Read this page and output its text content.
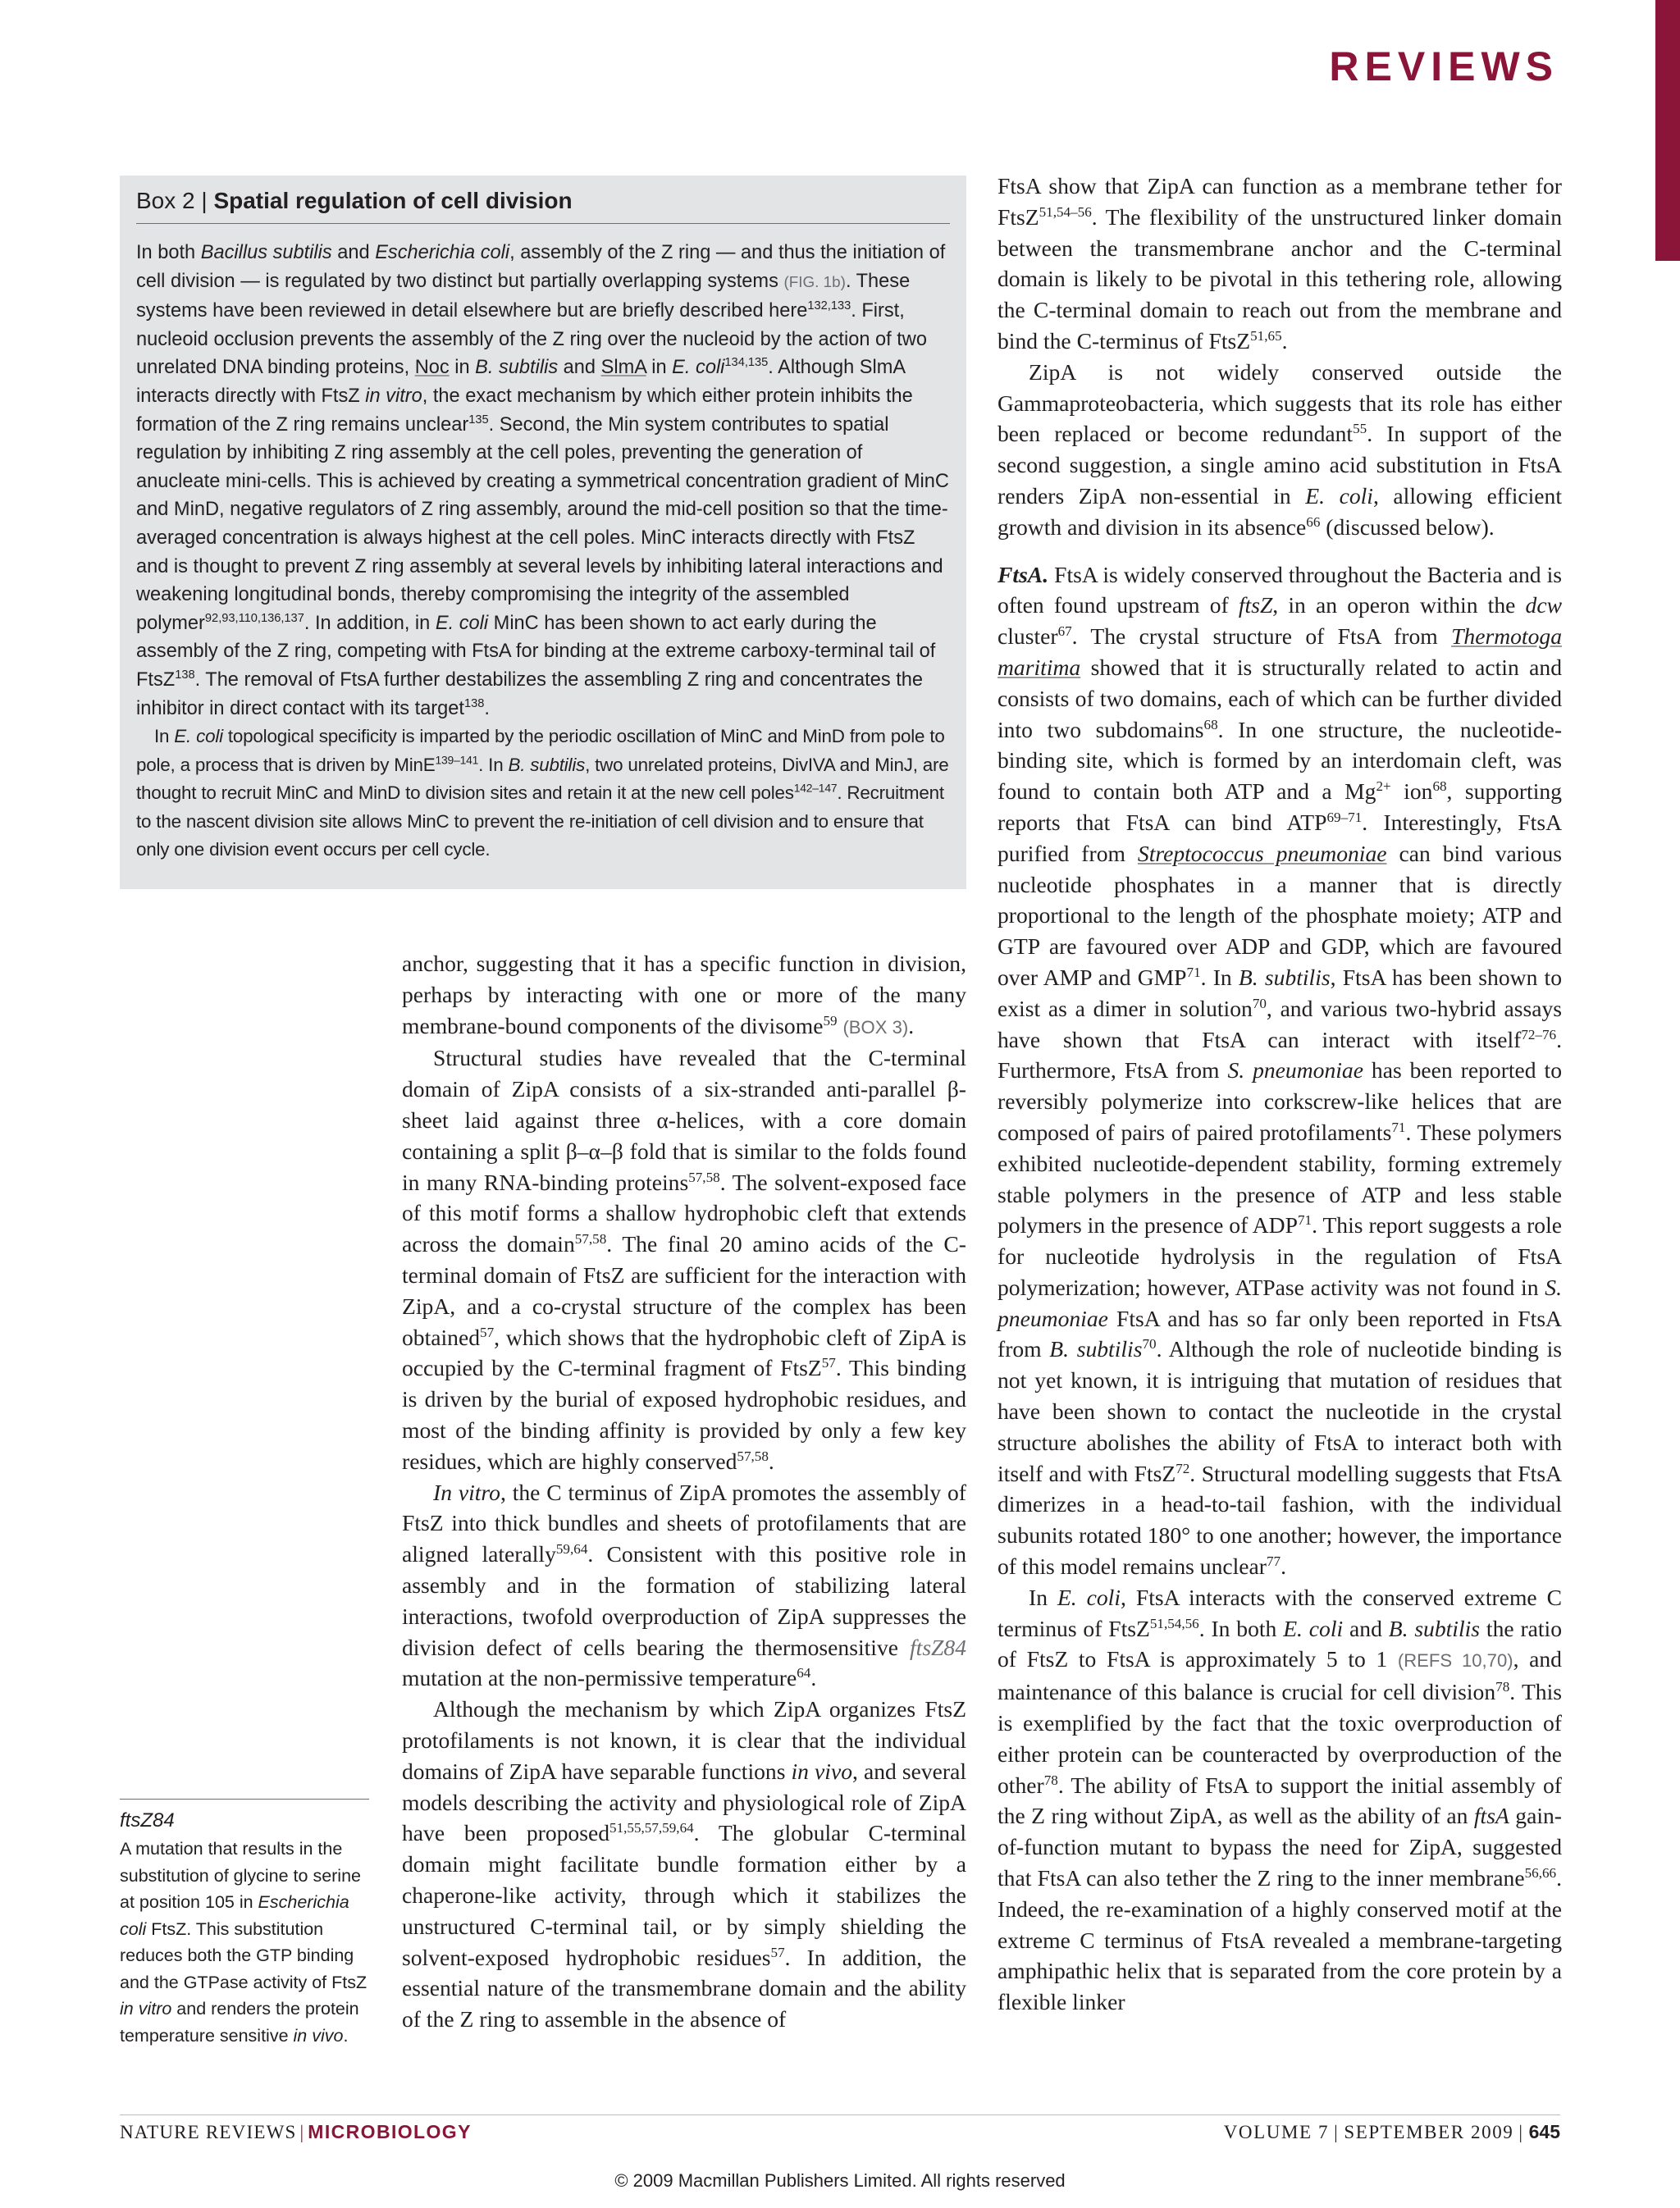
REVIEWS
Box 2 | Spatial regulation of cell division

In both Bacillus subtilis and Escherichia coli, assembly of the Z ring — and thus the initiation of cell division — is regulated by two distinct but partially overlapping systems (FIG. 1b). These systems have been reviewed in detail elsewhere but are briefly described here$^{132,133}$. First, nucleoid occlusion prevents the assembly of the Z ring over the nucleoid by the action of two unrelated DNA binding proteins, Noc in B. subtilis and SlmA in E. coli$^{134,135}$. Although SlmA interacts directly with FtsZ in vitro, the exact mechanism by which either protein inhibits the formation of the Z ring remains unclear$^{135}$. Second, the Min system contributes to spatial regulation by inhibiting Z ring assembly at the cell poles, preventing the generation of anucleate mini-cells. This is achieved by creating a symmetrical concentration gradient of MinC and MinD, negative regulators of Z ring assembly, around the mid-cell position so that the time-averaged concentration is always highest at the cell poles. MinC interacts directly with FtsZ and is thought to prevent Z ring assembly at several levels by inhibiting lateral interactions and weakening longitudinal bonds, thereby compromising the integrity of the assembled polymer$^{92,93,110,136,137}$. In addition, in E. coli MinC has been shown to act early during the assembly of the Z ring, competing with FtsA for binding at the extreme carboxy-terminal tail of FtsZ$^{138}$. The removal of FtsA further destabilizes the assembling Z ring and concentrates the inhibitor in direct contact with its target$^{138}$.

In E. coli topological specificity is imparted by the periodic oscillation of MinC and MinD from pole to pole, a process that is driven by MinE$^{139-141}$. In B. subtilis, two unrelated proteins, DivIVA and MinJ, are thought to recruit MinC and MinD to division sites and retain it at the new cell poles$^{142-147}$. Recruitment to the nascent division site allows MinC to prevent the re-initiation of cell division and to ensure that only one division event occurs per cell cycle.

anchor, suggesting that it has a specific function in division, perhaps by interacting with one or more of the many membrane-bound components of the divisome$^{59}$ (BOX 3).

Structural studies have revealed that the C-terminal domain of ZipA consists of a six-stranded anti-parallel β-sheet laid against three α-helices, with a core domain containing a split β–α–β fold that is similar to the folds found in many RNA-binding proteins$^{57,58}$. The solvent-exposed face of this motif forms a shallow hydrophobic cleft that extends across the domain$^{57,58}$. The final 20 amino acids of the C-terminal domain of FtsZ are sufficient for the interaction with ZipA, and a co-crystal structure of the complex has been obtained$^{57}$, which shows that the hydrophobic cleft of ZipA is occupied by the C-terminal fragment of FtsZ$^{57}$. This binding is driven by the burial of exposed hydrophobic residues, and most of the binding affinity is provided by only a few key residues, which are highly conserved$^{57,58}$.

In vitro, the C terminus of ZipA promotes the assembly of FtsZ into thick bundles and sheets of protofilaments that are aligned laterally$^{59,64}$. Consistent with this positive role in assembly and in the formation of stabilizing lateral interactions, twofold overproduction of ZipA suppresses the division defect of cells bearing the thermosensitive ftsZ84 mutation at the non-permissive temperature$^{64}$.

Although the mechanism by which ZipA organizes FtsZ protofilaments is not known, it is clear that the individual domains of ZipA have separable functions in vivo, and several models describing the activity and physiological role of ZipA have been proposed$^{51,55,57,59,64}$. The globular C-terminal domain might facilitate bundle formation either by a chaperone-like activity, through which it stabilizes the unstructured C-terminal tail, or by simply shielding the solvent-exposed hydrophobic residues$^{57}$. In addition, the essential nature of the transmembrane domain and the ability of the Z ring to assemble in the absence of

FtsA show that ZipA can function as a membrane tether for FtsZ$^{51,54-56}$. The flexibility of the unstructured linker domain between the transmembrane anchor and the C-terminal domain is likely to be pivotal in this tethering role, allowing the C-terminal domain to reach out from the membrane and bind the C-terminus of FtsZ$^{51,65}$.

ZipA is not widely conserved outside the Gammaproteobacteria, which suggests that its role has either been replaced or become redundant$^{55}$. In support of the second suggestion, a single amino acid substitution in FtsA renders ZipA non-essential in E. coli, allowing efficient growth and division in its absence$^{66}$ (discussed below).

FtsA. FtsA is widely conserved throughout the Bacteria and is often found upstream of ftsZ, in an operon within the dcw cluster$^{67}$. The crystal structure of FtsA from Thermotoga maritima showed that it is structurally related to actin and consists of two domains, each of which can be further divided into two subdomains$^{68}$. In one structure, the nucleotide-binding site, which is formed by an interdomain cleft, was found to contain both ATP and a $Mg^{2+}$ ion$^{68}$, supporting reports that FtsA can bind ATP$^{69-71}$. Interestingly, FtsA purified from Streptococcus pneumoniae can bind various nucleotide phosphates in a manner that is directly proportional to the length of the phosphate moiety; ATP and GTP are favoured over ADP and GDP, which are favoured over AMP and GMP$^{71}$. In B. subtilis, FtsA has been shown to exist as a dimer in solution$^{70}$, and various two-hybrid assays have shown that FtsA can interact with itself$^{72-76}$. Furthermore, FtsA from S. pneumoniae has been reported to reversibly polymerize into corkscrew-like helices that are composed of pairs of paired protofilaments$^{71}$. These polymers exhibited nucleotide-dependent stability, forming extremely stable polymers in the presence of ATP and less stable polymers in the presence of ADP$^{71}$. This report suggests a role for nucleotide hydrolysis in the regulation of FtsA polymerization; however, ATPase activity was not found in S. pneumoniae FtsA and has so far only been reported in FtsA from B. subtilis$^{70}$. Although the role of nucleotide binding is not yet known, it is intriguing that mutation of residues that have been shown to contact the nucleotide in the crystal structure abolishes the ability of FtsA to interact both with itself and with FtsZ$^{72}$. Structural modelling suggests that FtsA dimerizes in a head-to-tail fashion, with the individual subunits rotated 180° to one another; however, the importance of this model remains unclear$^{77}$.

In E. coli, FtsA interacts with the conserved extreme C terminus of FtsZ$^{51,54,56}$. In both E. coli and B. subtilis the ratio of FtsZ to FtsA is approximately 5 to 1 (REFS 10,70), and maintenance of this balance is crucial for cell division$^{78}$. This is exemplified by the fact that the toxic overproduction of either protein can be counteracted by overproduction of the other$^{78}$. The ability of FtsA to support the initial assembly of the Z ring without ZipA, as well as the ability of an ftsA gain-of-function mutant to bypass the need for ZipA, suggested that FtsA can also tether the Z ring to the inner membrane$^{56,66}$. Indeed, the re-examination of a highly conserved motif at the extreme C terminus of FtsA revealed a membrane-targeting amphipathic helix that is separated from the core protein by a flexible linker

ftsZ84

A mutation that results in the substitution of glycine to serine at position 105 in Escherichia coli FtsZ. This substitution reduces both the GTP binding and the GTPase activity of FtsZ in vitro and renders the protein temperature sensitive in vivo.

NATURE REVIEWS | MICROBIOLOGY	VOLUME 7 | SEPTEMBER 2009 | 645
© 2009 Macmillan Publishers Limited. All rights reserved
